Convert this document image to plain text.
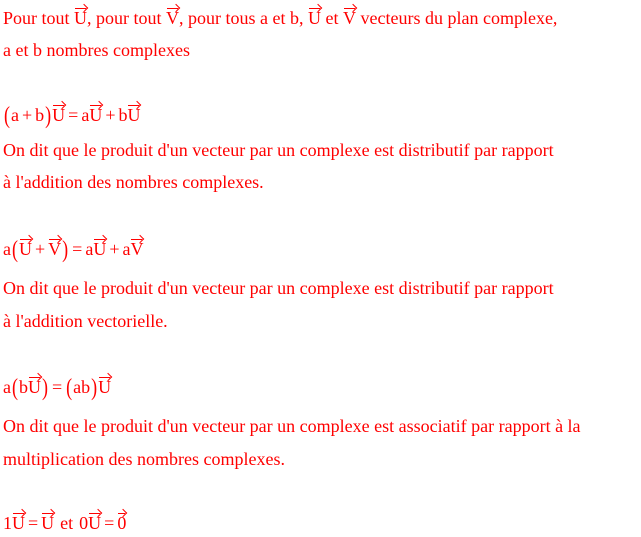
Pour tout U, pour tout V, pour tous a et b, U et V vecteurs du plan complexe,
a et b nombres complexes
(a + b)U = aU + bU
On dit que le produit d'un vecteur par un complexe est distributif par rapport
à l'addition des nombres complexes.
a(U + V) = aU + aV
On dit que le produit d'un vecteur par un complexe est distributif par rapport
à l'addition vectorielle.
a(bU) = (ab)U
On dit que le produit d'un vecteur par un complexe est associatif par rapport à la
multiplication des nombres complexes.
1U = U et 0U = 0
